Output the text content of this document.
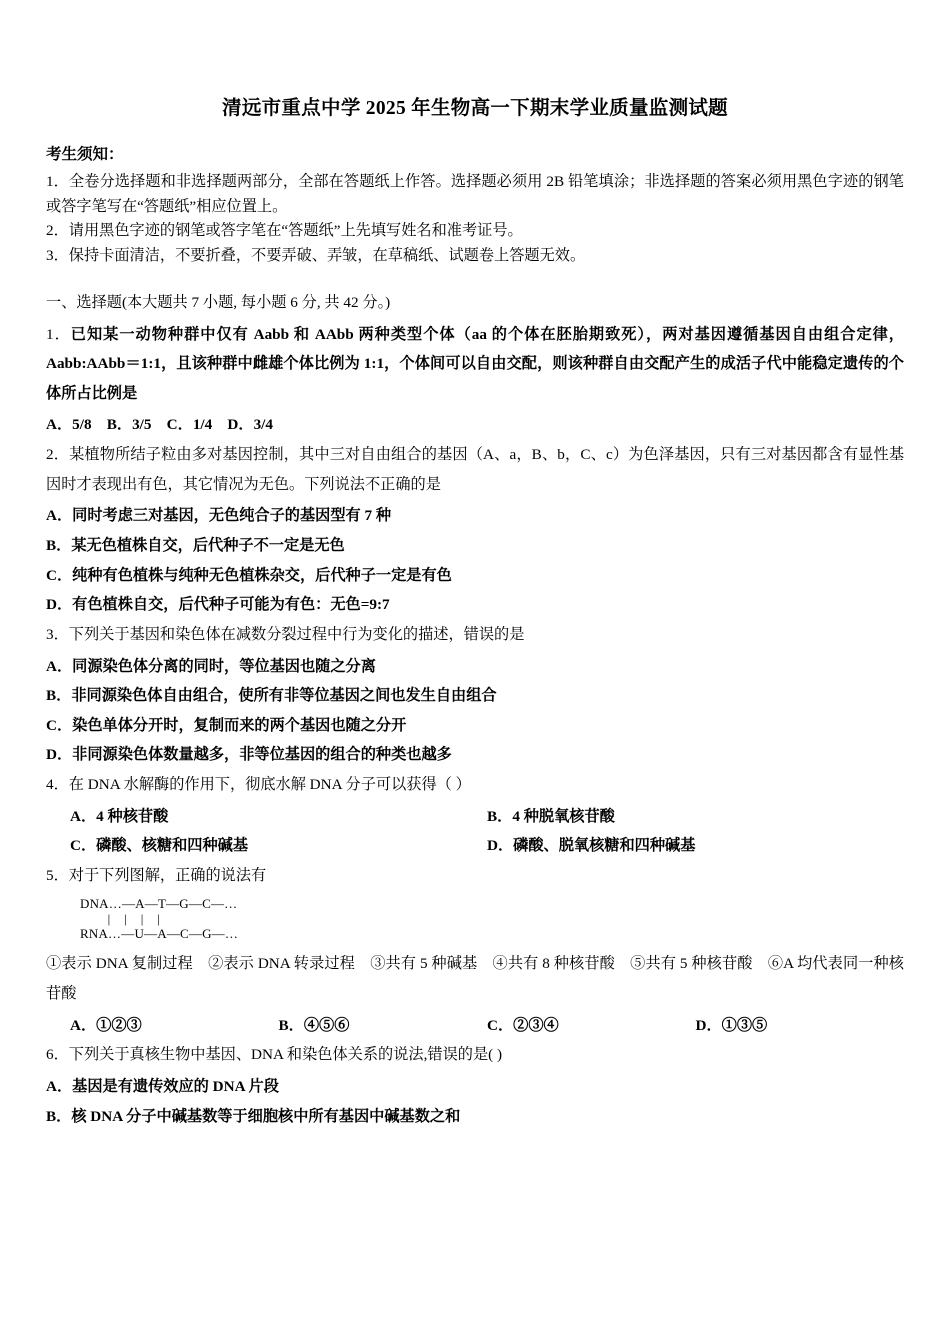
清远市重点中学 2025 年生物高一下期末学业质量监测试题
考生须知：

1．全卷分选择题和非选择题两部分，全部在答题纸上作答。选择题必须用 2B 铅笔填涂；非选择题的答案必须用黑色字迹的钢笔或答字笔写在“答题纸”相应位置上。

2．请用黑色字迹的钢笔或答字笔在“答题纸”上先填写姓名和准考证号。

3．保持卡面清洁，不要折叠，不要弄破、弄皱，在草稿纸、试题卷上答题无效。

一、选择题(本大题共 7 小题, 每小题 6 分, 共 42 分。)

1．已知某一动物种群中仅有 Aabb 和 AAbb 两种类型个体（aa 的个体在胚胎期致死），两对基因遵循基因自由组合定律，Aabb:AAbb＝1:1，且该种群中雌雄个体比例为 1:1，个体间可以自由交配，则该种群自由交配产生的成活子代中能稳定遗传的个体所占比例是

A．5/8    B．3/5    C．1/4    D．3/4

2．某植物所结子粒由多对基因控制，其中三对自由组合的基因（A、a，B、b，C、c）为色泽基因，只有三对基因都含有显性基因时才表现出有色，其它情况为无色。下列说法不正确的是

A．同时考虑三对基因，无色纯合子的基因型有 7 种

B．某无色植株自交，后代种子不一定是无色

C．纯种有色植株与纯种无色植株杂交，后代种子一定是有色

D．有色植株自交，后代种子可能为有色：无色=9:7

3．下列关于基因和染色体在减数分裂过程中行为变化的描述，错误的是

A．同源染色体分离的同时，等位基因也随之分离

B．非同源染色体自由组合，使所有非等位基因之间也发生自由组合

C．染色单体分开时，复制而来的两个基因也随之分开

D．非同源染色体数量越多，非等位基因的组合的种类也越多

4．在 DNA 水解酶的作用下，彻底水解 DNA 分子可以获得（ ）

A．4 种核苷酸	B．4 种脱氧核苷酸
C．磷酸、核糖和四种碱基	D．磷酸、脱氧核糖和四种碱基

5．对于下列图解，正确的说法有

DNA…—A—T—G—C—…
|    |    |    |
RNA…—U—A—C—G—…

①表示 DNA 复制过程　②表示 DNA 转录过程　③共有 5 种碱基　④共有 8 种核苷酸　⑤共有 5 种核苷酸　⑥A 均代表同一种核苷酸

A．①②③	B．④⑤⑥	C．②③④	D．①③⑤

6．下列关于真核生物中基因、DNA 和染色体关系的说法,错误的是( )

A．基因是有遗传效应的 DNA 片段

B．核 DNA 分子中碱基数等于细胞核中所有基因中碱基数之和
